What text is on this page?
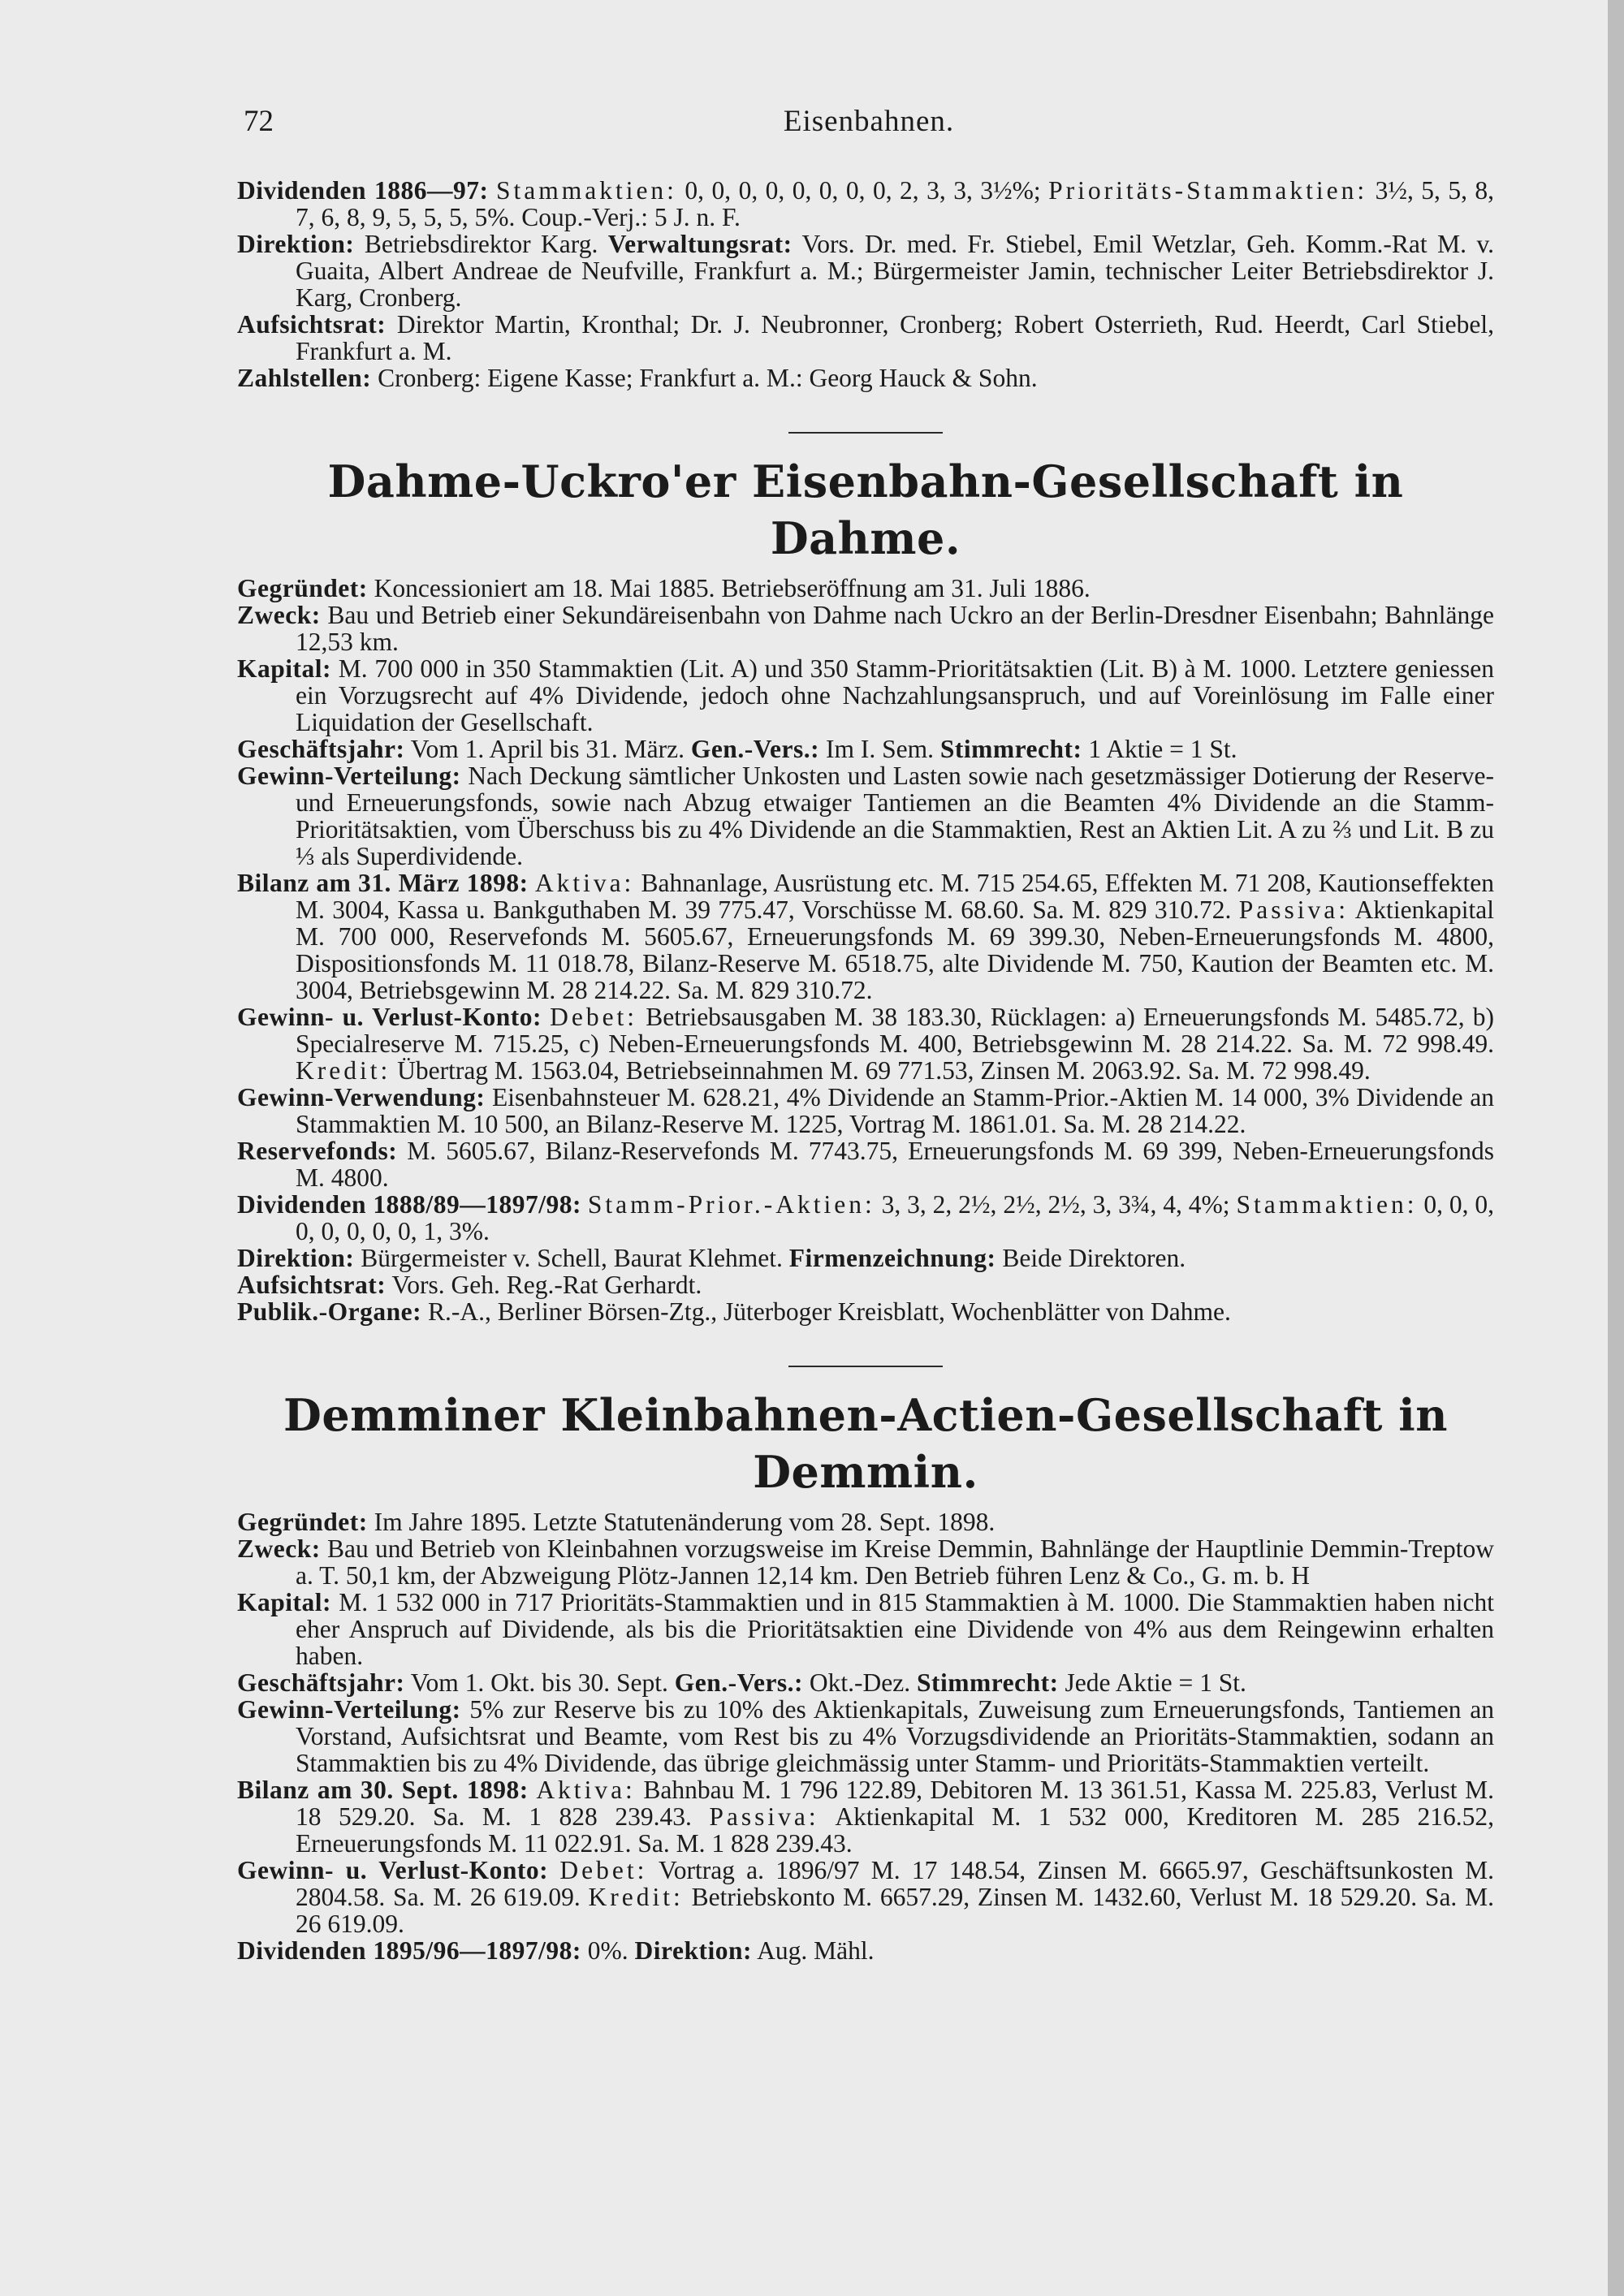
72	Eisenbahnen.

Dividenden 1886—97: Stammaktien: 0, 0, 0, 0, 0, 0, 0, 0, 2, 3, 3, 3½%; Prioritäts-Stammaktien: 3½, 5, 5, 8, 7, 6, 8, 9, 5, 5, 5, 5%. Coup.-Verj.: 5 J. n. F.

Direktion: Betriebsdirektor Karg. Verwaltungsrat: Vors. Dr. med. Fr. Stiebel, Emil Wetzlar, Geh. Komm.-Rat M. v. Guaita, Albert Andreae de Neufville, Frankfurt a. M.; Bürgermeister Jamin, technischer Leiter Betriebsdirektor J. Karg, Cronberg.

Aufsichtsrat: Direktor Martin, Kronthal; Dr. J. Neubronner, Cronberg; Robert Osterrieth, Rud. Heerdt, Carl Stiebel, Frankfurt a. M.

Zahlstellen: Cronberg: Eigene Kasse; Frankfurt a. M.: Georg Hauck & Sohn.

Dahme-Uckro'er Eisenbahn-Gesellschaft in Dahme.

Gegründet: Koncessioniert am 18. Mai 1885. Betriebseröffnung am 31. Juli 1886.

Zweck: Bau und Betrieb einer Sekundäreisenbahn von Dahme nach Uckro an der Berlin-Dresdner Eisenbahn; Bahnlänge 12,53 km.

Kapital: M. 700 000 in 350 Stammaktien (Lit. A) und 350 Stamm-Prioritätsaktien (Lit. B) à M. 1000. Letztere geniessen ein Vorzugsrecht auf 4% Dividende, jedoch ohne Nachzahlungsanspruch, und auf Voreinlösung im Falle einer Liquidation der Gesellschaft.

Geschäftsjahr: Vom 1. April bis 31. März. Gen.-Vers.: Im I. Sem. Stimmrecht: 1 Aktie = 1 St.

Gewinn-Verteilung: Nach Deckung sämtlicher Unkosten und Lasten sowie nach gesetzmässiger Dotierung der Reserve- und Erneuerungsfonds, sowie nach Abzug etwaiger Tantiemen an die Beamten 4% Dividende an die Stamm-Prioritätsaktien, vom Überschuss bis zu 4% Dividende an die Stammaktien, Rest an Aktien Lit. A zu ⅔ und Lit. B zu ⅓ als Superdividende.

Bilanz am 31. März 1898: Aktiva: Bahnanlage, Ausrüstung etc. M. 715 254.65, Effekten M. 71 208, Kautionseffekten M. 3004, Kassa u. Bankguthaben M. 39 775.47, Vorschüsse M. 68.60. Sa. M. 829 310.72. Passiva: Aktienkapital M. 700 000, Reservefonds M. 5605.67, Erneuerungsfonds M. 69 399.30, Neben-Erneuerungsfonds M. 4800, Dispositionsfonds M. 11 018.78, Bilanz-Reserve M. 6518.75, alte Dividende M. 750, Kaution der Beamten etc. M. 3004, Betriebsgewinn M. 28 214.22. Sa. M. 829 310.72.

Gewinn- u. Verlust-Konto: Debet: Betriebsausgaben M. 38 183.30, Rücklagen: a) Erneuerungsfonds M. 5485.72, b) Specialreserve M. 715.25, c) Neben-Erneuerungsfonds M. 400, Betriebsgewinn M. 28 214.22. Sa. M. 72 998.49. Kredit: Übertrag M. 1563.04, Betriebseinnahmen M. 69 771.53, Zinsen M. 2063.92. Sa. M. 72 998.49.

Gewinn-Verwendung: Eisenbahnsteuer M. 628.21, 4% Dividende an Stamm-Prior.-Aktien M. 14 000, 3% Dividende an Stammaktien M. 10 500, an Bilanz-Reserve M. 1225, Vortrag M. 1861.01. Sa. M. 28 214.22.

Reservefonds: M. 5605.67, Bilanz-Reservefonds M. 7743.75, Erneuerungsfonds M. 69 399, Neben-Erneuerungsfonds M. 4800.

Dividenden 1888/89—1897/98: Stamm-Prior.-Aktien: 3, 3, 2, 2½, 2½, 2½, 3, 3¾, 4, 4%; Stammaktien: 0, 0, 0, 0, 0, 0, 0, 0, 1, 3%.

Direktion: Bürgermeister v. Schell, Baurat Klehmet. Firmenzeichnung: Beide Direktoren.

Aufsichtsrat: Vors. Geh. Reg.-Rat Gerhardt.

Publik.-Organe: R.-A., Berliner Börsen-Ztg., Jüterboger Kreisblatt, Wochenblätter von Dahme.

Demminer Kleinbahnen-Actien-Gesellschaft in Demmin.

Gegründet: Im Jahre 1895. Letzte Statutenänderung vom 28. Sept. 1898.

Zweck: Bau und Betrieb von Kleinbahnen vorzugsweise im Kreise Demmin, Bahnlänge der Hauptlinie Demmin-Treptow a. T. 50,1 km, der Abzweigung Plötz-Jannen 12,14 km. Den Betrieb führen Lenz & Co., G. m. b. H

Kapital: M. 1 532 000 in 717 Prioritäts-Stammaktien und in 815 Stammaktien à M. 1000. Die Stammaktien haben nicht eher Anspruch auf Dividende, als bis die Prioritätsaktien eine Dividende von 4% aus dem Reingewinn erhalten haben.

Geschäftsjahr: Vom 1. Okt. bis 30. Sept. Gen.-Vers.: Okt.-Dez. Stimmrecht: Jede Aktie = 1 St.

Gewinn-Verteilung: 5% zur Reserve bis zu 10% des Aktienkapitals, Zuweisung zum Erneuerungsfonds, Tantiemen an Vorstand, Aufsichtsrat und Beamte, vom Rest bis zu 4% Vorzugsdividende an Prioritäts-Stammaktien, sodann an Stammaktien bis zu 4% Dividende, das übrige gleichmässig unter Stamm- und Prioritäts-Stammaktien verteilt.

Bilanz am 30. Sept. 1898: Aktiva: Bahnbau M. 1 796 122.89, Debitoren M. 13 361.51, Kassa M. 225.83, Verlust M. 18 529.20. Sa. M. 1 828 239.43. Passiva: Aktienkapital M. 1 532 000, Kreditoren M. 285 216.52, Erneuerungsfonds M. 11 022.91. Sa. M. 1 828 239.43.

Gewinn- u. Verlust-Konto: Debet: Vortrag a. 1896/97 M. 17 148.54, Zinsen M. 6665.97, Geschäftsunkosten M. 2804.58. Sa. M. 26 619.09. Kredit: Betriebskonto M. 6657.29, Zinsen M. 1432.60, Verlust M. 18 529.20. Sa. M. 26 619.09.

Dividenden 1895/96—1897/98: 0%. Direktion: Aug. Mähl.
